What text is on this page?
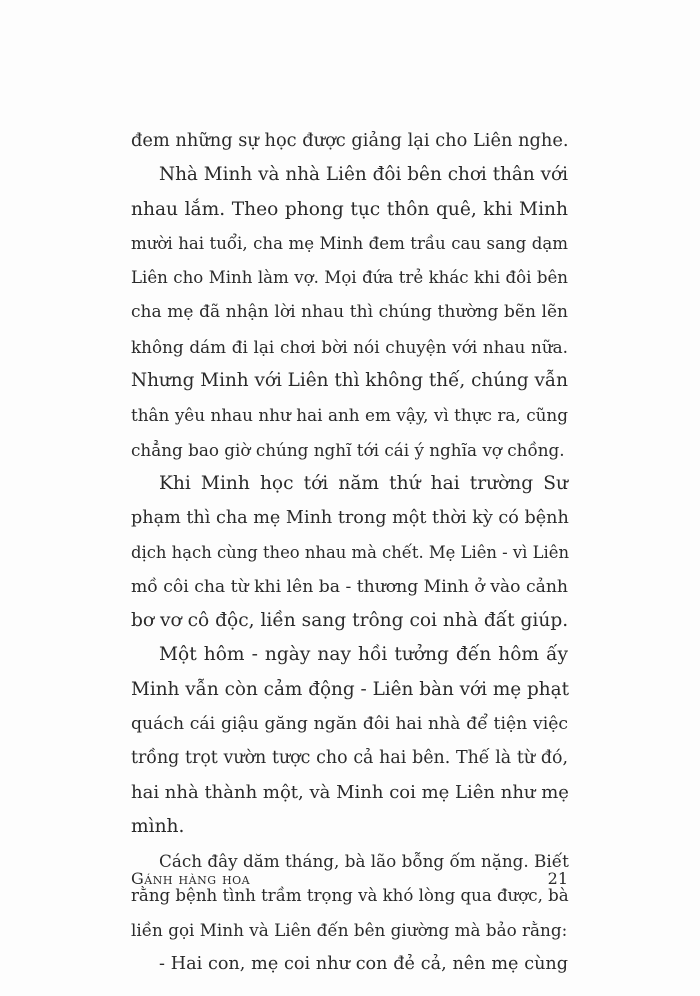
đem những sự học được giảng lại cho Liên nghe.
Nhà Minh và nhà Liên đôi bên chơi thân với
nhau lắm. Theo phong tục thôn quê, khi Minh
mười hai tuổi, cha mẹ Minh đem trầu cau sang dạm
Liên cho Minh làm vợ. Mọi đứa trẻ khác khi đôi bên
cha mẹ đã nhận lời nhau thì chúng thường bẽn lẽn
không dám đi lại chơi bời nói chuyện với nhau nữa.
Nhưng Minh với Liên thì không thế, chúng vẫn
thân yêu nhau như hai anh em vậy, vì thực ra, cũng
chẳng bao giờ chúng nghĩ tới cái ý nghĩa vợ chồng.
Khi Minh học tới năm thứ hai trường Sư
phạm thì cha mẹ Minh trong một thời kỳ có bệnh
dịch hạch cùng theo nhau mà chết. Mẹ Liên - vì Liên
mồ côi cha từ khi lên ba - thương Minh ở vào cảnh
bơ vơ cô độc, liền sang trông coi nhà đất giúp.
Một hôm - ngày nay hồi tưởng đến hôm ấy
Minh vẫn còn cảm động - Liên bàn với mẹ phạt
quách cái giậu găng ngăn đôi hai nhà để tiện việc
trồng trọt vườn tược cho cả hai bên. Thế là từ đó,
hai nhà thành một, và Minh coi mẹ Liên như mẹ
mình.
Cách đây dăm tháng, bà lão bỗng ốm nặng. Biết
rằng bệnh tình trầm trọng và khó lòng qua được, bà
liền gọi Minh và Liên đến bên giường mà bảo rằng:
- Hai con, mẹ coi như con đẻ cả, nên mẹ cùng
Gánh hàng hoa	21
